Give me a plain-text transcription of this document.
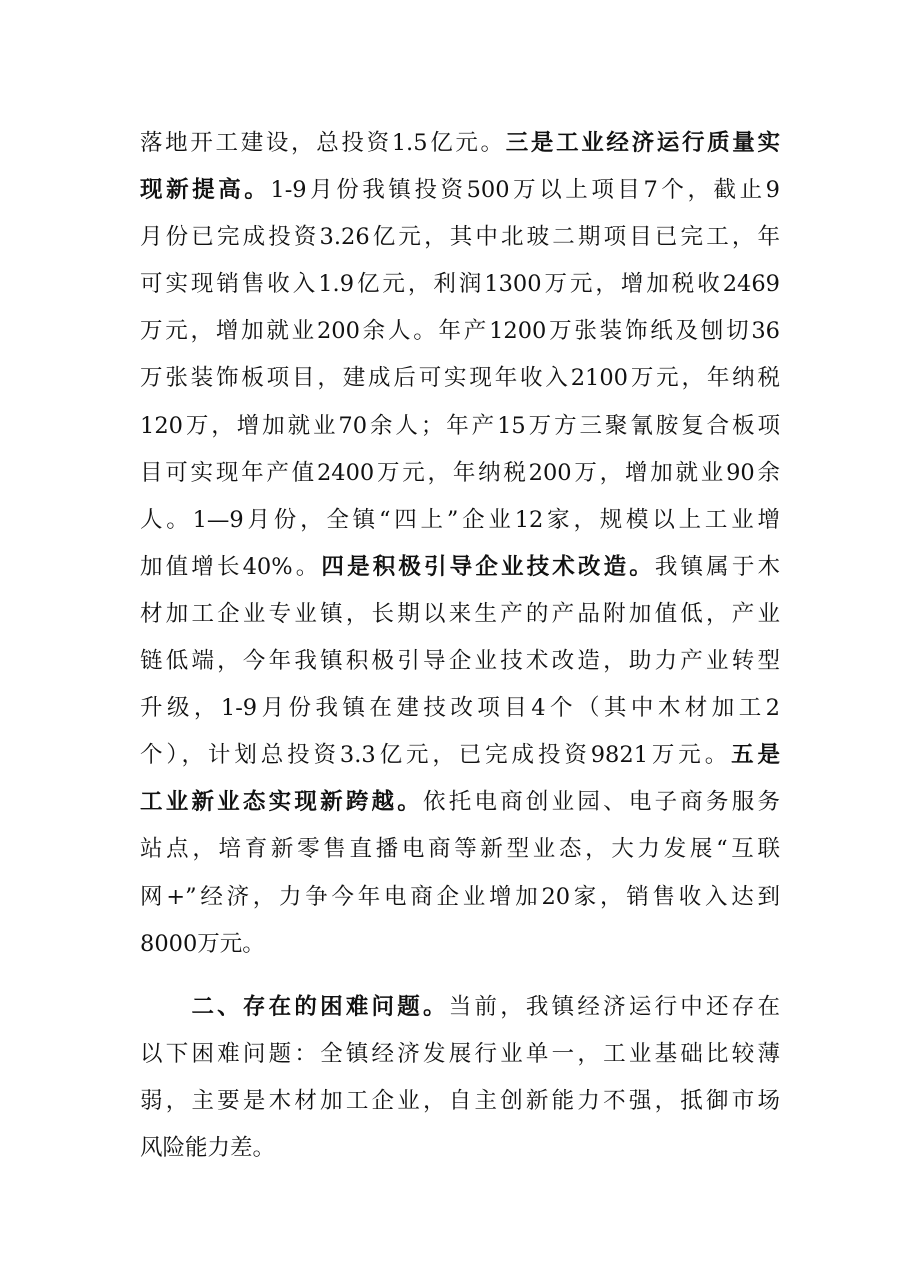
落地开工建设，总投资1.5亿元。三是工业经济运行质量实
现新提高。1-9月份我镇投资500万以上项目7个，截止9
月份已完成投资3.26亿元，其中北玻二期项目已完工，年
可实现销售收入1.9亿元，利润1300万元，增加税收2469
万元，增加就业200余人。年产1200万张装饰纸及刨切36
万张装饰板项目，建成后可实现年收入2100万元，年纳税
120万，增加就业70余人；年产15万方三聚氰胺复合板项
目可实现年产值2400万元，年纳税200万，增加就业90余
人。1—9月份，全镇“四上”企业12家，规模以上工业增
加值增长40%。四是积极引导企业技术改造。我镇属于木
材加工企业专业镇，长期以来生产的产品附加值低，产业
链低端，今年我镇积极引导企业技术改造，助力产业转型
升级，1-9月份我镇在建技改项目4个（其中木材加工2
个），计划总投资3.3亿元，已完成投资9821万元。五是
工业新业态实现新跨越。依托电商创业园、电子商务服务
站点，培育新零售直播电商等新型业态，大力发展“互联
网+”经济，力争今年电商企业增加20家，销售收入达到
8000万元。
　　二、存在的困难问题。当前，我镇经济运行中还存在
以下困难问题：全镇经济发展行业单一，工业基础比较薄
弱，主要是木材加工企业，自主创新能力不强，抵御市场
风险能力差。
